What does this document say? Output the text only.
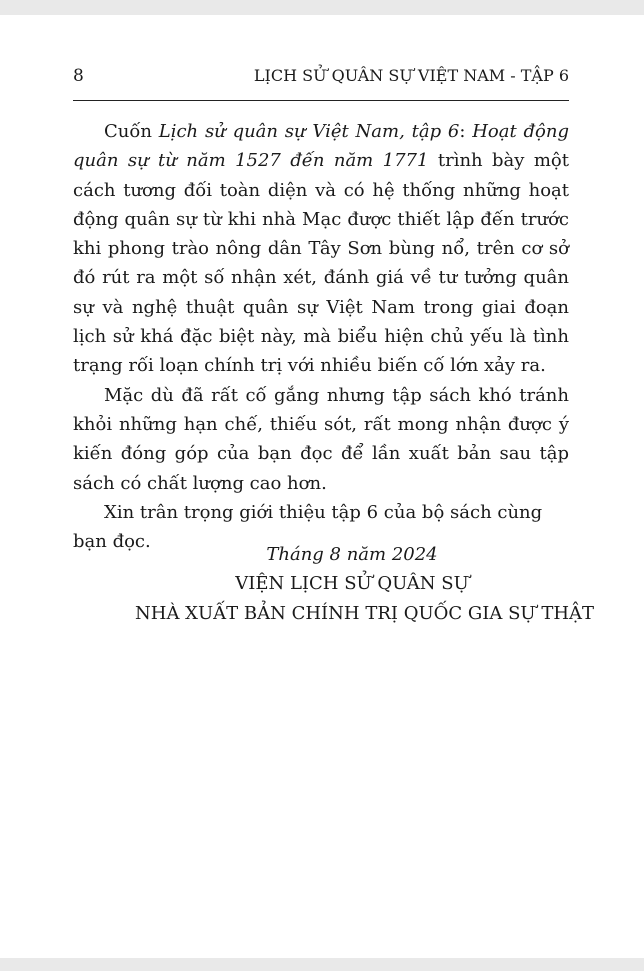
8	LỊCH SỬ QUÂN SỰ VIỆT NAM - TẬP 6

Cuốn Lịch sử quân sự Việt Nam, tập 6: Hoạt động quân sự từ năm 1527 đến năm 1771 trình bày một cách tương đối toàn diện và có hệ thống những hoạt động quân sự từ khi nhà Mạc được thiết lập đến trước khi phong trào nông dân Tây Sơn bùng nổ, trên cơ sở đó rút ra một số nhận xét, đánh giá về tư tưởng quân sự và nghệ thuật quân sự Việt Nam trong giai đoạn lịch sử khá đặc biệt này, mà biểu hiện chủ yếu là tình trạng rối loạn chính trị với nhiều biến cố lớn xảy ra.

Mặc dù đã rất cố gắng nhưng tập sách khó tránh khỏi những hạn chế, thiếu sót, rất mong nhận được ý kiến đóng góp của bạn đọc để lần xuất bản sau tập sách có chất lượng cao hơn.

Xin trân trọng giới thiệu tập 6 của bộ sách cùng bạn đọc.

Tháng 8 năm 2024
VIỆN LỊCH SỬ QUÂN SỰ
NHÀ XUẤT BẢN CHÍNH TRỊ QUỐC GIA SỰ THẬT
